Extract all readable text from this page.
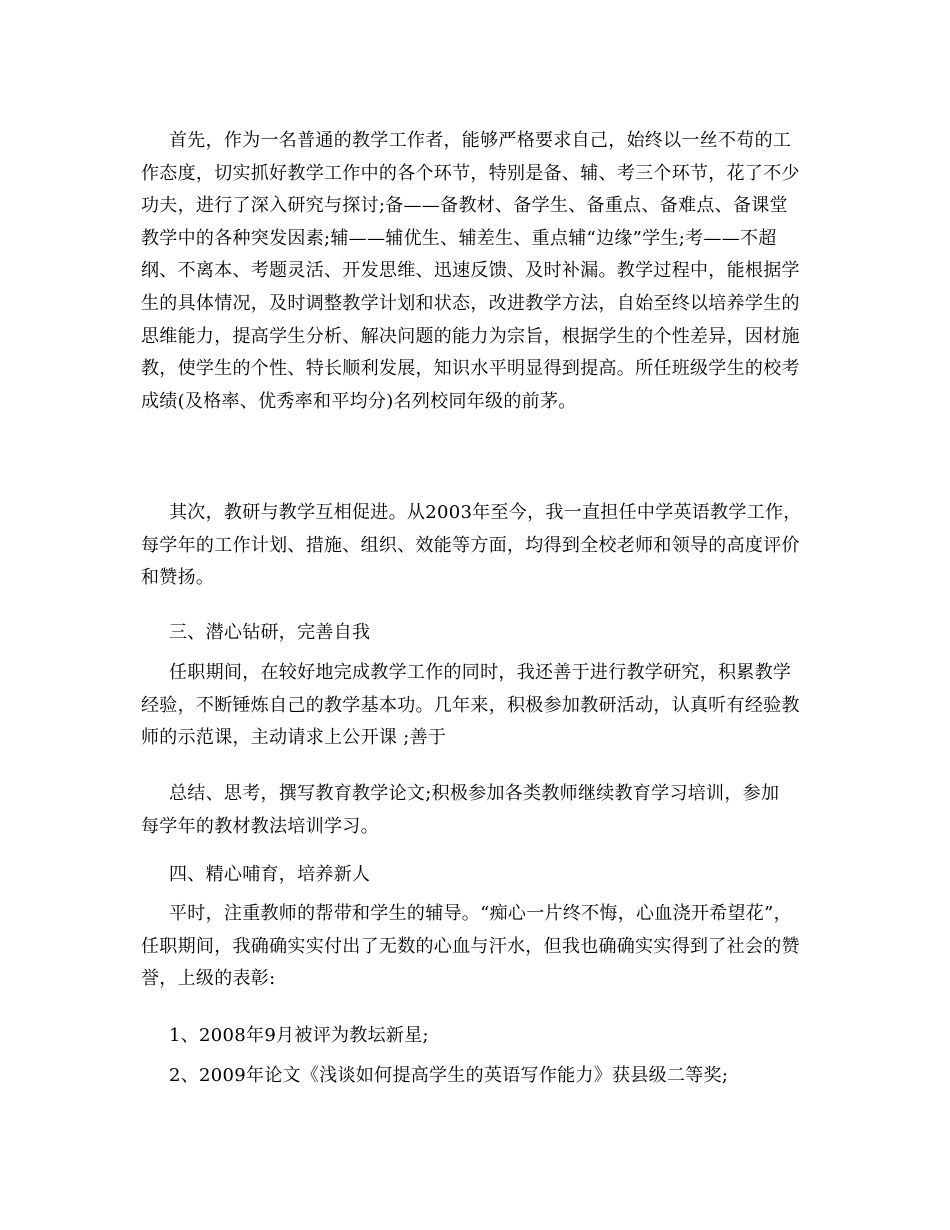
首先，作为一名普通的教学工作者，能够严格要求自己，始终以一丝不苟的工
作态度，切实抓好教学工作中的各个环节，特别是备、辅、考三个环节，花了不少
功夫，进行了深入研究与探讨;备——备教材、备学生、备重点、备难点、备课堂
教学中的各种突发因素;辅——辅优生、辅差生、重点辅“边缘”学生;考——不超
纲、不离本、考题灵活、开发思维、迅速反馈、及时补漏。教学过程中，能根据学
生的具体情况，及时调整教学计划和状态，改进教学方法，自始至终以培养学生的
思维能力，提高学生分析、解决问题的能力为宗旨，根据学生的个性差异，因材施
教，使学生的个性、特长顺利发展，知识水平明显得到提高。所任班级学生的校考
成绩(及格率、优秀率和平均分)名列校同年级的前茅。
其次，教研与教学互相促进。从2003年至今，我一直担任中学英语教学工作，
每学年的工作计划、措施、组织、效能等方面，均得到全校老师和领导的高度评价
和赞扬。
三、潜心钻研，完善自我
任职期间，在较好地完成教学工作的同时，我还善于进行教学研究，积累教学
经验，不断锤炼自己的教学基本功。几年来，积极参加教研活动，认真听有经验教
师的示范课，主动请求上公开课 ;善于
总结、思考，撰写教育教学论文;积极参加各类教师继续教育学习培训，参加
每学年的教材教法培训学习。
四、精心哺育，培养新人
平时，注重教师的帮带和学生的辅导。“痴心一片终不悔，心血浇开希望花”，
任职期间，我确确实实付出了无数的心血与汗水，但我也确确实实得到了社会的赞
誉，上级的表彰:
1、2008年9月被评为教坛新星;
2、2009年论文《浅谈如何提高学生的英语写作能力》获县级二等奖;
